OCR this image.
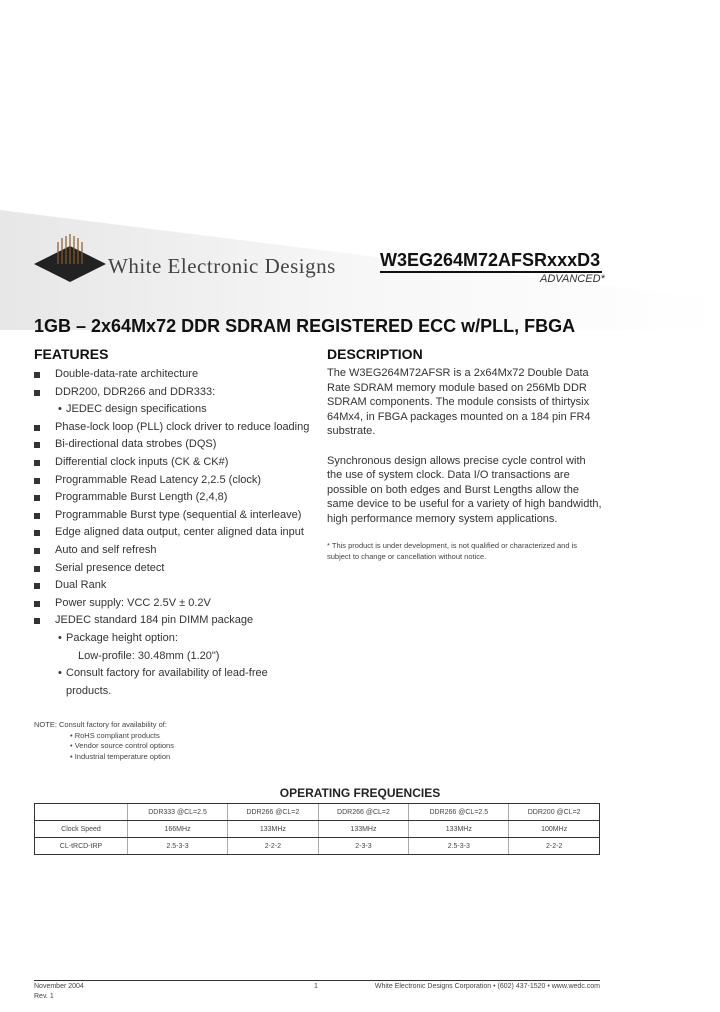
White Electronic Designs W3EG264M72AFSRxxxD3
ADVANCED*
1GB – 2x64Mx72 DDR SDRAM REGISTERED ECC w/PLL, FBGA
FEATURES
Double-data-rate architecture
DDR200, DDR266 and DDR333:
• JEDEC design specifications
Phase-lock loop (PLL) clock driver to reduce loading
Bi-directional data strobes (DQS)
Differential clock inputs (CK & CK#)
Programmable Read Latency 2,2.5 (clock)
Programmable Burst Length (2,4,8)
Programmable Burst type (sequential & interleave)
Edge aligned data output, center aligned data input
Auto and self refresh
Serial presence detect
Dual Rank
Power supply: VCC 2.5V ± 0.2V
JEDEC standard 184 pin DIMM package
• Package height option:
Low-profile: 30.48mm (1.20")
• Consult factory for availability of lead-free products.
DESCRIPTION

The W3EG264M72AFSR is a 2x64Mx72 Double Data Rate SDRAM memory module based on 256Mb DDR SDRAM components. The module consists of thirtysix 64Mx4, in FBGA packages mounted on a 184 pin FR4 substrate.

Synchronous design allows precise cycle control with the use of system clock. Data I/O transactions are possible on both edges and Burst Lengths allow the same device to be useful for a variety of high bandwidth, high performance memory system applications.

* This product is under development, is not qualified or characterized and is subject to change or cancellation without notice.

NOTE: Consult factory for availability of:
• RoHS compliant products
• Vendor source control options
• Industrial temperature option
OPERATING FREQUENCIES
	DDR333 @CL=2.5	DDR266 @CL=2	DDR266 @CL=2	DDR266 @CL=2.5	DDR200 @CL=2
Clock Speed	166MHz	133MHz	133MHz	133MHz	100MHz
CL-tRCD-tRP	2.5-3-3	2-2-2	2-3-3	2.5-3-3	2-2-2
November 2004
Rev. 1
1	White Electronic Designs Corporation • (602) 437-1520 • www.wedc.com
